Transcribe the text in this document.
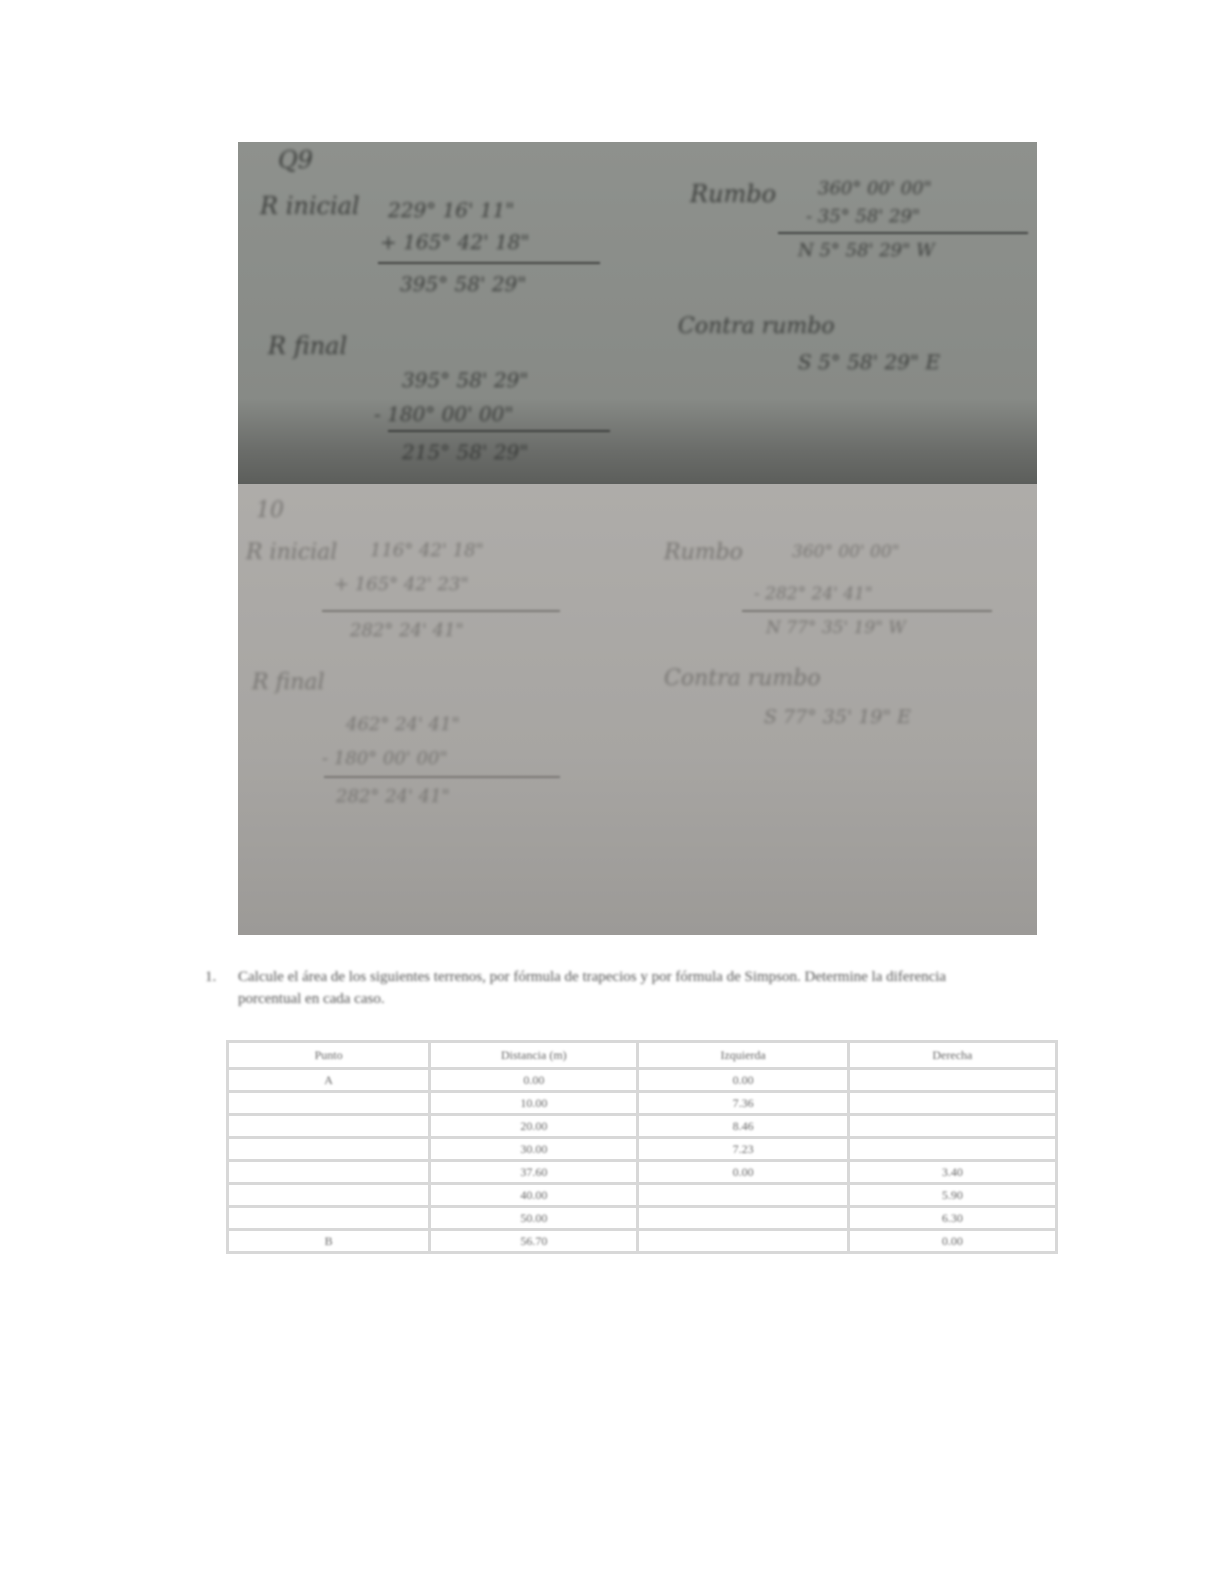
Q9
R inicial 229° 16' 11"
+ 165° 42' 18"
395° 58' 29"
Rumbo 360° 00' 00"
- 35° 58' 29"
N 5° 58' 29" W
Contra rumbo
S 5° 58' 29" E
R final
395° 58' 29"
- 180° 00' 00"
215° 58' 29"
10
R inicial 116° 42' 18"
+ 165° 42' 23"
282° 24' 41"
Rumbo	360° 00' 00"
- 282° 24' 41"
N 77° 35' 19" W
Contra rumbo
S 77° 35' 19" E
R final
462° 24' 41"
- 180° 00' 00"
282° 24' 41"
1. Calcule el área de los siguientes terrenos, por fórmula de trapecios y por fórmula de Simpson. Determine la diferencia porcentual en cada caso.
Punto	Distancia (m)	Izquierda	Derecha
A	0.00	0.00	
	10.00	7.36	
	20.00	8.46	
	30.00	7.23	
	37.60	0.00	3.40
	40.00		5.90
	50.00		6.30
B	56.70		0.00
